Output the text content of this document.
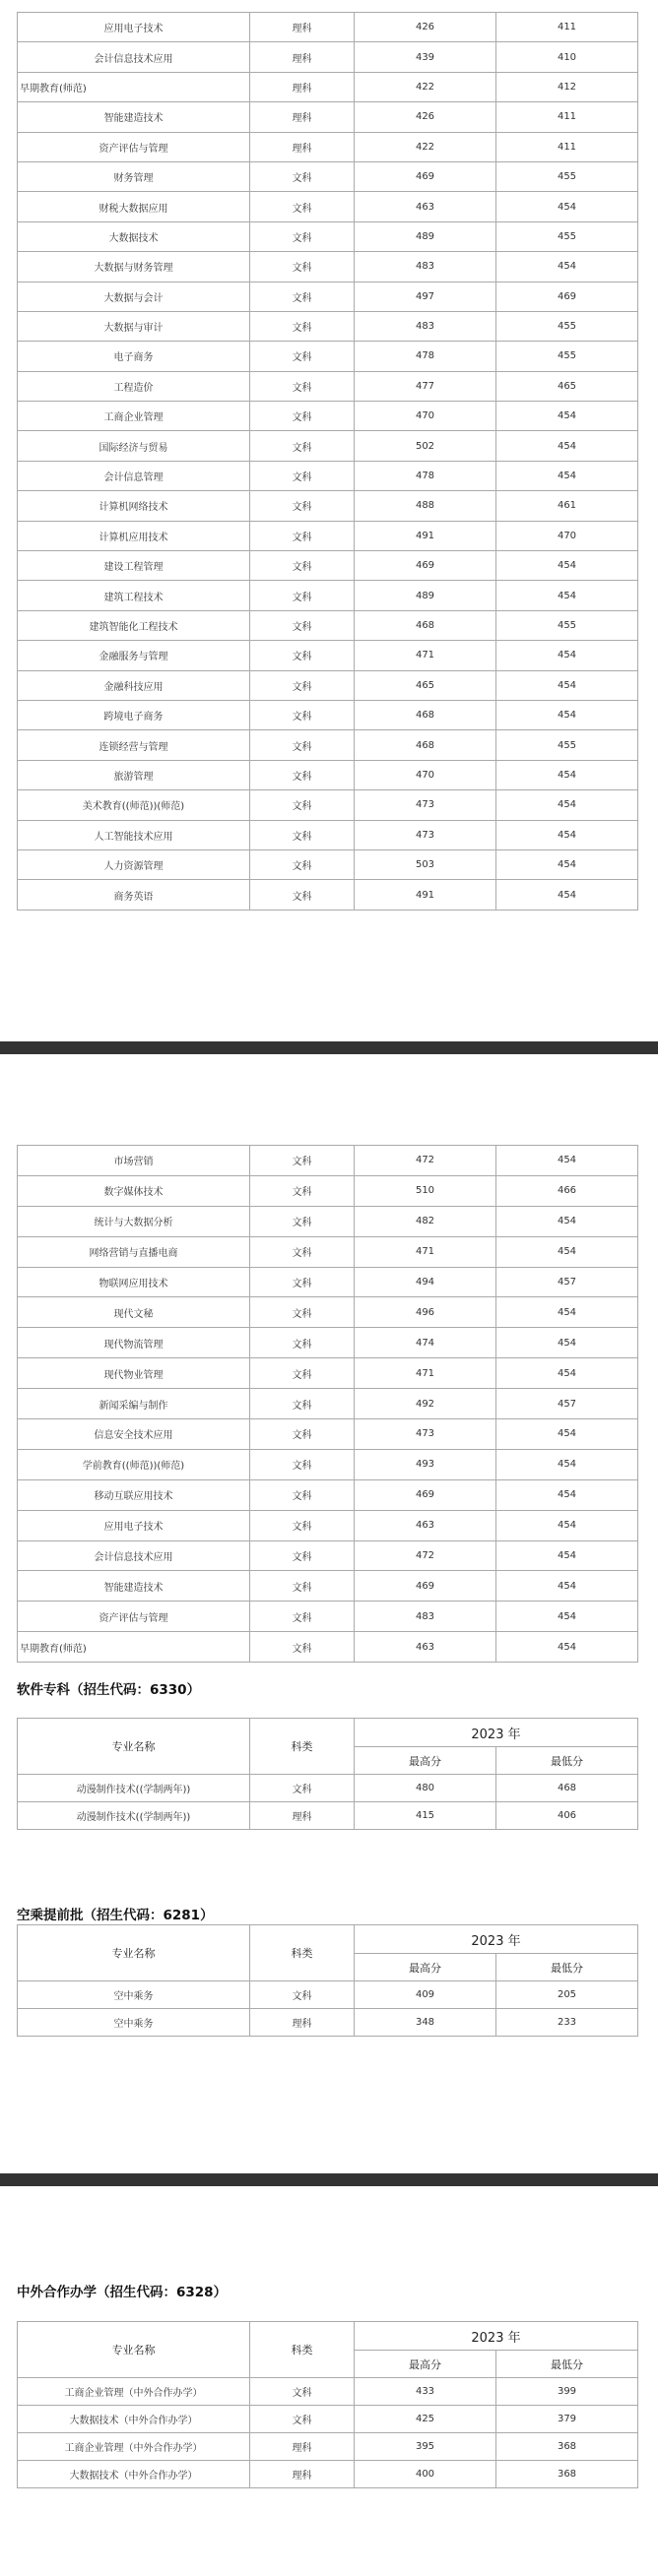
应用电子技术	理科	426	411
会计信息技术应用	理科	439	410
早期教育(师范)	理科	422	412
智能建造技术	理科	426	411
资产评估与管理	理科	422	411
财务管理	文科	469	455
财税大数据应用	文科	463	454
大数据技术	文科	489	455
大数据与财务管理	文科	483	454
大数据与会计	文科	497	469
大数据与审计	文科	483	455
电子商务	文科	478	455
工程造价	文科	477	465
工商企业管理	文科	470	454
国际经济与贸易	文科	502	454
会计信息管理	文科	478	454
计算机网络技术	文科	488	461
计算机应用技术	文科	491	470
建设工程管理	文科	469	454
建筑工程技术	文科	489	454
建筑智能化工程技术	文科	468	455
金融服务与管理	文科	471	454
金融科技应用	文科	465	454
跨境电子商务	文科	468	454
连锁经营与管理	文科	468	455
旅游管理	文科	470	454
美术教育((师范))(师范)	文科	473	454
人工智能技术应用	文科	473	454
人力资源管理	文科	503	454
商务英语	文科	491	454
市场营销	文科	472	454
数字媒体技术	文科	510	466
统计与大数据分析	文科	482	454
网络营销与直播电商	文科	471	454
物联网应用技术	文科	494	457
现代文秘	文科	496	454
现代物流管理	文科	474	454
现代物业管理	文科	471	454
新闻采编与制作	文科	492	457
信息安全技术应用	文科	473	454
学前教育((师范))(师范)	文科	493	454
移动互联应用技术	文科	469	454
应用电子技术	文科	463	454
会计信息技术应用	文科	472	454
智能建造技术	文科	469	454
资产评估与管理	文科	483	454
早期教育(师范)	文科	463	454
软件专科（招生代码：6330）
专业名称	科类	2023 年	
		最高分	最低分
动漫制作技术((学制两年))	文科	480	468
动漫制作技术((学制两年))	理科	415	406
空乘提前批（招生代码：6281）
专业名称	科类	2023 年	
		最高分	最低分
空中乘务	文科	409	205
空中乘务	理科	348	233
中外合作办学（招生代码：6328）
专业名称	科类	2023 年	
		最高分	最低分
工商企业管理（中外合作办学）	文科	433	399
大数据技术（中外合作办学）	文科	425	379
工商企业管理（中外合作办学）	理科	395	368
大数据技术（中外合作办学）	理科	400	368
